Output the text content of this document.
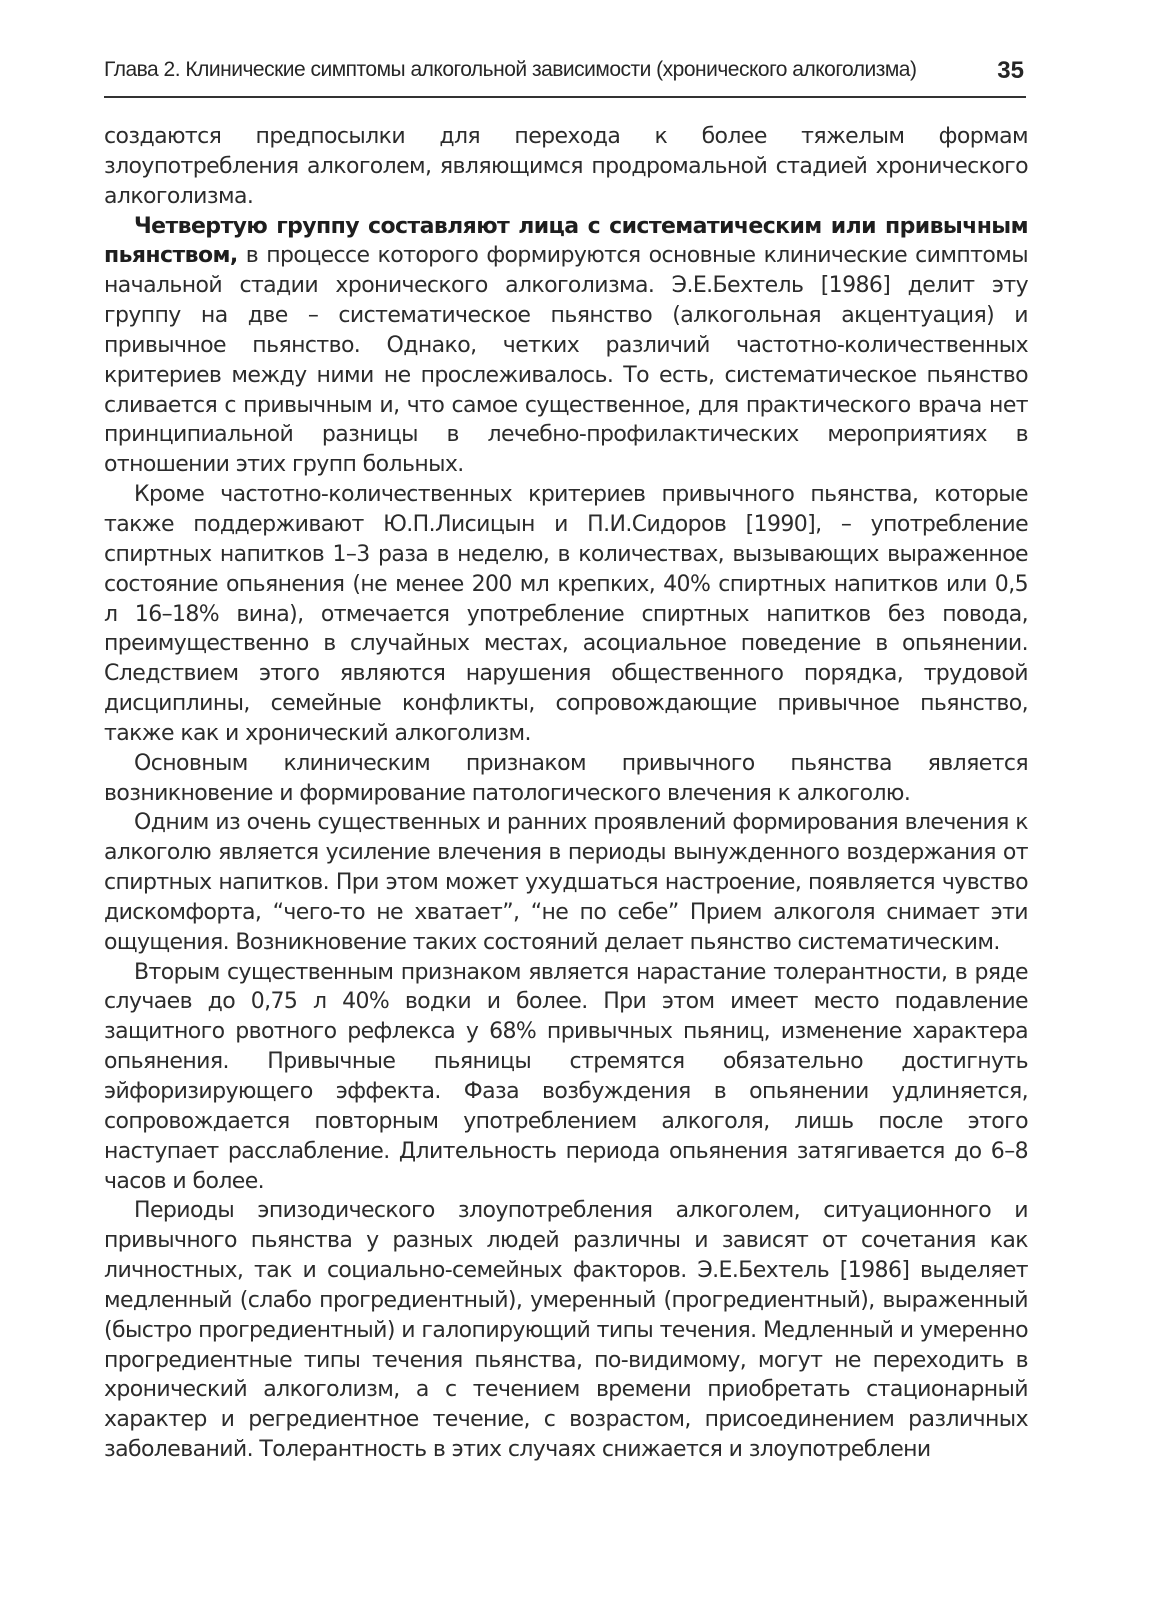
Глава 2. Клинические симптомы алкогольной зависимости (хронического алкоголизма)	35

создаются предпосылки для перехода к более тяжелым формам злоупотребления алкоголем, являющимся продромальной стадией хронического алкоголизма.

Четвертую группу составляют лица с систематическим или привычным пьянством, в процессе которого формируются основные клинические симптомы начальной стадии хронического алкоголизма. Э.Е.Бехтель [1986] делит эту группу на две – систематическое пьянство (алкогольная акцентуация) и привычное пьянство. Однако, четких различий частотно-количественных критериев между ними не прослеживалось. То есть, систематическое пьянство сливается с привычным и, что самое существенное, для практического врача нет принципиальной разницы в лечебно-профилактических мероприятиях в отношении этих групп больных.

Кроме частотно-количественных критериев привычного пьянства, которые также поддерживают Ю.П.Лисицын и П.И.Сидоров [1990], – употребление спиртных напитков 1–3 раза в неделю, в количествах, вызывающих выраженное состояние опьянения (не менее 200 мл крепких, 40% спиртных напитков или 0,5 л 16–18% вина), отмечается употребление спиртных напитков без повода, преимущественно в случайных местах, асоциальное поведение в опьянении. Следствием этого являются нарушения общественного порядка, трудовой дисциплины, семейные конфликты, сопровождающие привычное пьянство, также как и хронический алкоголизм.

Основным клиническим признаком привычного пьянства является возникновение и формирование патологического влечения к алкоголю.

Одним из очень существенных и ранних проявлений формирования влечения к алкоголю является усиление влечения в периоды вынужденного воздержания от спиртных напитков. При этом может ухудшаться настроение, появляется чувство дискомфорта, “чего-то не хватает”, “не по себе” Прием алкоголя снимает эти ощущения. Возникновение таких состояний делает пьянство систематическим.

Вторым существенным признаком является нарастание толерантности, в ряде случаев до 0,75 л 40% водки и более. При этом имеет место подавление защитного рвотного рефлекса у 68% привычных пьяниц, изменение характера опьянения. Привычные пьяницы стремятся обязательно достигнуть эйфоризирующего эффекта. Фаза возбуждения в опьянении удлиняется, сопровождается повторным употреблением алкоголя, лишь после этого наступает расслабление. Длительность периода опьянения затягивается до 6–8 часов и более.

Периоды эпизодического злоупотребления алкоголем, ситуационного и привычного пьянства у разных людей различны и зависят от сочетания как личностных, так и социально-семейных факторов. Э.Е.Бехтель [1986] выделяет медленный (слабо прогредиентный), умеренный (прогредиентный), выраженный (быстро прогредиентный) и галопирующий типы течения. Медленный и умеренно прогредиентные типы течения пьянства, по-видимому, могут не переходить в хронический алкоголизм, а с течением времени приобретать стационарный характер и регредиентное течение, с возрастом, присоединением различных заболеваний. Толерантность в этих случаях снижается и злоупотреблени
